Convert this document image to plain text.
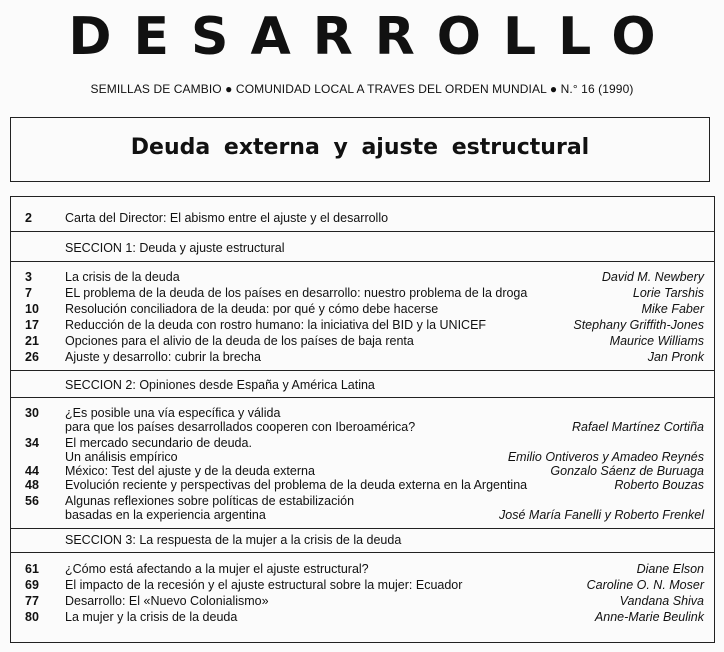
DESARROLLO
SEMILLAS DE CAMBIO ● COMUNIDAD LOCAL A TRAVES DEL ORDEN MUNDIAL ● N.° 16 (1990)
Deuda externa y ajuste estructural
2	Carta del Director: El abismo entre el ajuste y el desarrollo
SECCION 1: Deuda y ajuste estructural
3	La crisis de la deuda	David M. Newbery
7	EL problema de la deuda de los países en desarrollo: nuestro problema de la droga	Lorie Tarshis
10	Resolución conciliadora de la deuda: por qué y cómo debe hacerse	Mike Faber
17	Reducción de la deuda con rostro humano: la iniciativa del BID y la UNICEF	Stephany Griffith-Jones
21	Opciones para el alivio de la deuda de los países de baja renta	Maurice Williams
26	Ajuste y desarrollo: cubrir la brecha	Jan Pronk
SECCION 2: Opiniones desde España y América Latina
30	¿Es posible una vía específica y válida
para que los países desarrollados cooperen con Iberoamérica?	Rafael Martínez Cortiña
34	El mercado secundario de deuda.
Un análisis empírico	Emilio Ontiveros y Amadeo Reynés
44	México: Test del ajuste y de la deuda externa	Gonzalo Sáenz de Buruaga
48	Evolución reciente y perspectivas del problema de la deuda externa en la Argentina	Roberto Bouzas
56	Algunas reflexiones sobre políticas de estabilización
basadas en la experiencia argentina	José María Fanelli y Roberto Frenkel
SECCION 3: La respuesta de la mujer a la crisis de la deuda
61	¿Cómo está afectando a la mujer el ajuste estructural?	Diane Elson
69	El impacto de la recesión y el ajuste estructural sobre la mujer: Ecuador	Caroline O. N. Moser
77	Desarrollo: El «Nuevo Colonialismo»	Vandana Shiva
80	La mujer y la crisis de la deuda	Anne-Marie Beulink
